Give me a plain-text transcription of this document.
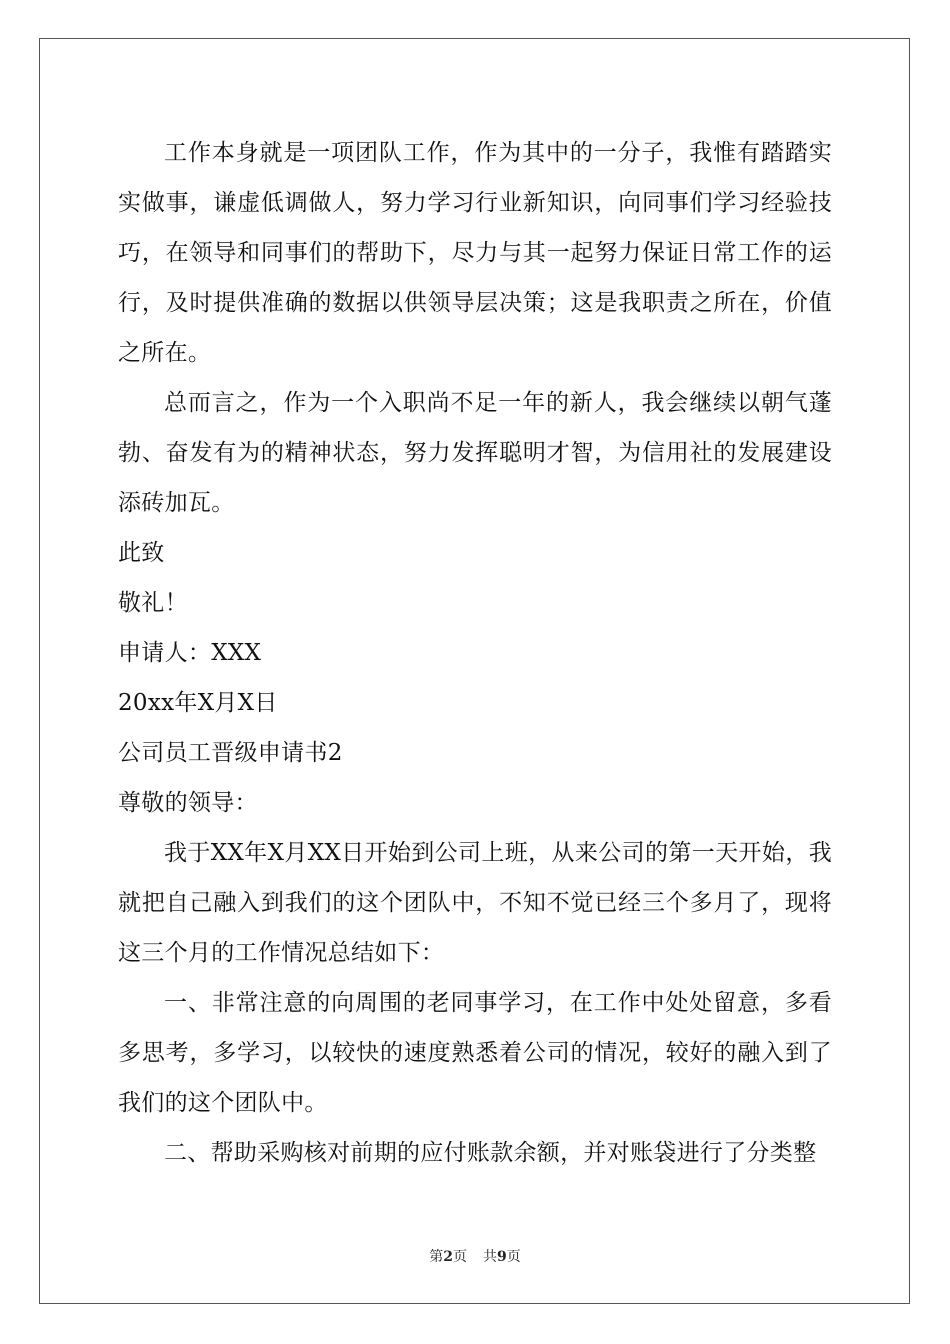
工作本身就是一项团队工作，作为其中的一分子，我惟有踏踏实实做事，谦虚低调做人，努力学习行业新知识，向同事们学习经验技巧，在领导和同事们的帮助下，尽力与其一起努力保证日常工作的运行，及时提供准确的数据以供领导层决策；这是我职责之所在，价值之所在。

总而言之，作为一个入职尚不足一年的新人，我会继续以朝气蓬勃、奋发有为的精神状态，努力发挥聪明才智，为信用社的发展建设添砖加瓦。

此致

敬礼！

申请人：XXX

20xx年X月X日

公司员工晋级申请书2

尊敬的领导：

我于XX年X月XX日开始到公司上班，从来公司的第一天开始，我就把自己融入到我们的这个团队中，不知不觉已经三个多月了，现将这三个月的工作情况总结如下：

一、非常注意的向周围的老同事学习，在工作中处处留意，多看多思考，多学习，以较快的速度熟悉着公司的情况，较好的融入到了我们的这个团队中。

二、帮助采购核对前期的应付账款余额，并对账袋进行了分类整

第2页 共9页
